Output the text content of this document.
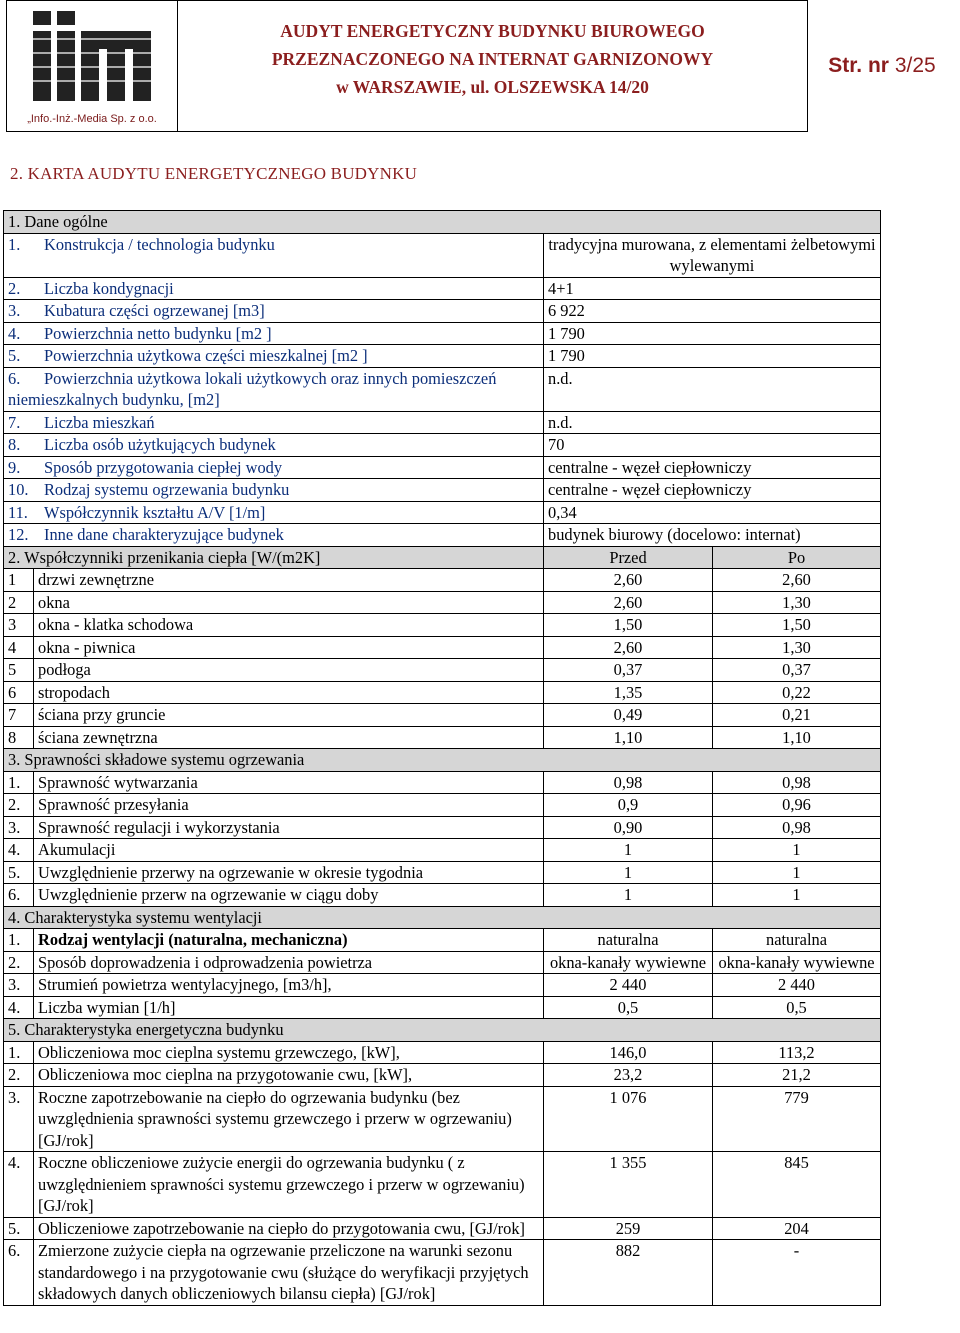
„Info.-Inż.-Media Sp. z o.o.
AUDYT ENERGETYCZNY BUDYNKU BIUROWEGO
PRZEZNACZONEGO NA INTERNAT GARNIZONOWY
w WARSZAWIE, ul. OLSZEWSKA 14/20
Str. nr 3/25
2. KARTA AUDYTU ENERGETYCZNEGO BUDYNKU
1. Dane ogólne			
1. Konstrukcja / technologia budynku		tradycyjna murowana, z elementami żelbetowymi wylewanymi	
2. Liczba kondygnacji		4+1	
3. Kubatura części ogrzewanej [m3]		6 922	
4. Powierzchnia netto budynku [m2 ]		1 790	
5. Powierzchnia użytkowa części mieszkalnej [m2 ]		1 790	
6. Powierzchnia użytkowa lokali użytkowych oraz innych pomieszczeń niemieszkalnych budynku, [m2]		n.d.	
7. Liczba mieszkań		n.d.	
8. Liczba osób użytkujących budynek		70	
9. Sposób przygotowania ciepłej wody		centralne - węzeł ciepłowniczy	
10. Rodzaj systemu ogrzewania budynku		centralne - węzeł ciepłowniczy	
11. Współczynnik kształtu A/V [1/m]		0,34	
12. Inne dane charakteryzujące budynek		budynek biurowy (docelowo: internat)	
2. Współczynniki przenikania ciepła [W/(m2K]		Przed	Po
1	drzwi zewnętrzne	2,60	2,60
2	okna	2,60	1,30
3	okna - klatka schodowa	1,50	1,50
4	okna - piwnica	2,60	1,30
5	podłoga	0,37	0,37
6	stropodach	1,35	0,22
7	ściana przy gruncie	0,49	0,21
8	ściana zewnętrzna	1,10	1,10
3. Sprawności składowe systemu ogrzewania			
1.	Sprawność wytwarzania	0,98	0,98
2.	Sprawność przesyłania	0,9	0,96
3.	Sprawność regulacji i wykorzystania	0,90	0,98
4.	Akumulacji	1	1
5.	Uwzględnienie przerwy na ogrzewanie w okresie tygodnia	1	1
6.	Uwzględnienie przerw na ogrzewanie w ciągu doby	1	1
4. Charakterystyka systemu wentylacji			
1.	Rodzaj wentylacji (naturalna, mechaniczna)	naturalna	naturalna
2.	Sposób doprowadzenia i odprowadzenia powietrza	okna-kanały wywiewne	okna-kanały wywiewne
3.	Strumień powietrza wentylacyjnego, [m3/h],	2 440	2 440
4.	Liczba wymian [1/h]	0,5	0,5
5. Charakterystyka energetyczna budynku			
1.	Obliczeniowa moc cieplna systemu grzewczego, [kW],	146,0	113,2
2.	Obliczeniowa moc cieplna na przygotowanie cwu, [kW],	23,2	21,2
3.	Roczne zapotrzebowanie na ciepło do ogrzewania budynku (bez uwzględnienia sprawności systemu grzewczego i przerw w ogrzewaniu) [GJ/rok]	1 076	779
4.	Roczne obliczeniowe zużycie energii do ogrzewania budynku ( z uwzględnieniem sprawności systemu grzewczego i przerw w ogrzewaniu) [GJ/rok]	1 355	845
5.	Obliczeniowe zapotrzebowanie na ciepło do przygotowania cwu, [GJ/rok]	259	204
6.	Zmierzone zużycie ciepła na ogrzewanie przeliczone na warunki sezonu standardowego i na przygotowanie cwu (służące do weryfikacji przyjętych składowych danych obliczeniowych bilansu ciepła) [GJ/rok]	882	-
